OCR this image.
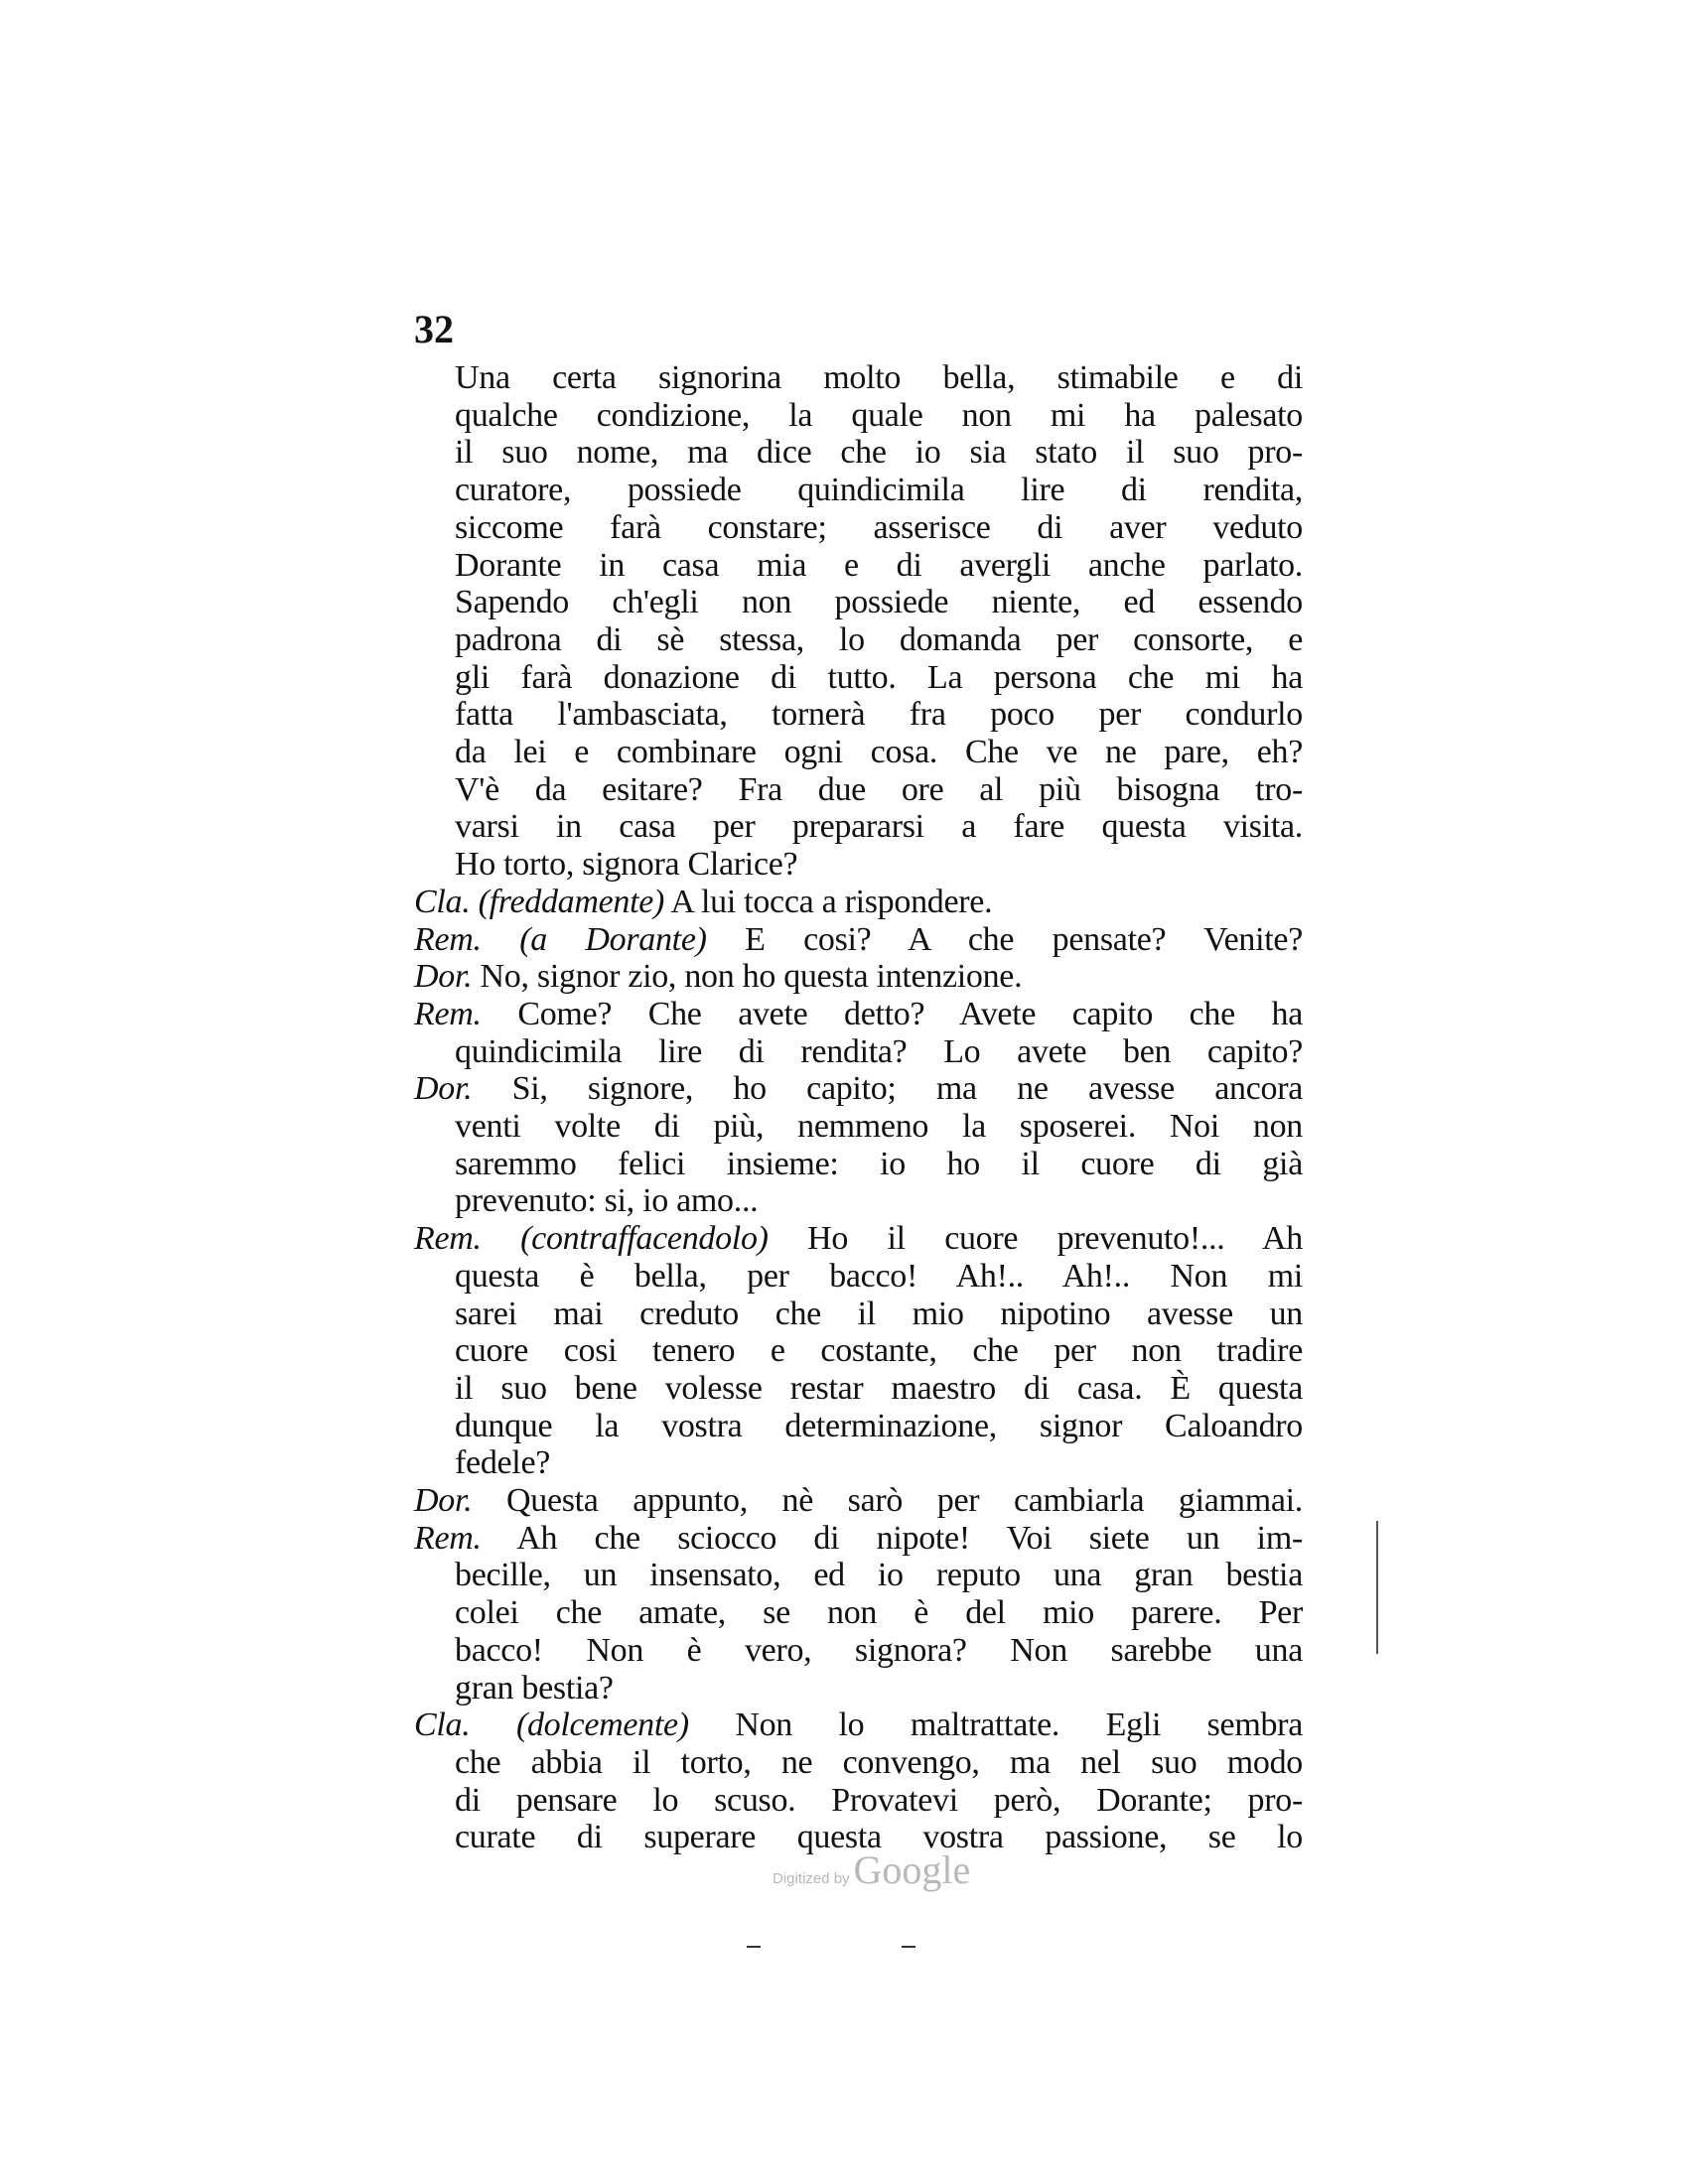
32
Una certa signorina molto bella, stimabile e di
qualche condizione, la quale non mi ha palesato
il suo nome, ma dice che io sia stato il suo pro-
curatore, possiede quindicimila lire di rendita,
siccome farà constare; asserisce di aver veduto
Dorante in casa mia e di avergli anche parlato.
Sapendo ch'egli non possiede niente, ed essendo
padrona di sè stessa, lo domanda per consorte, e
gli farà donazione di tutto. La persona che mi ha
fatta l'ambasciata, tornerà fra poco per condurlo
da lei e combinare ogni cosa. Che ve ne pare, eh?
V'è da esitare? Fra due ore al più bisogna tro-
varsi in casa per prepararsi a fare questa visita.
Ho torto, signora Clarice?
Cla. (freddamente) A lui tocca a rispondere.
Rem. (a Dorante) E cosi? A che pensate? Venite?
Dor. No, signor zio, non ho questa intenzione.
Rem. Come? Che avete detto? Avete capito che ha
quindicimila lire di rendita? Lo avete ben capito?
Dor. Si, signore, ho capito; ma ne avesse ancora
venti volte di più, nemmeno la sposerei. Noi non
saremmo felici insieme: io ho il cuore di già
prevenuto: si, io amo...
Rem. (contraffacendolo) Ho il cuore prevenuto!... Ah
questa è bella, per bacco! Ah!.. Ah!.. Non mi
sarei mai creduto che il mio nipotino avesse un
cuore cosi tenero e costante, che per non tradire
il suo bene volesse restar maestro di casa. È questa
dunque la vostra determinazione, signor Caloandro
fedele?
Dor. Questa appunto, nè sarò per cambiarla giammai.
Rem. Ah che sciocco di nipote! Voi siete un im-
becille, un insensato, ed io reputo una gran bestia
colei che amate, se non è del mio parere. Per
bacco! Non è vero, signora? Non sarebbe una
gran bestia?
Cla. (dolcemente) Non lo maltrattate. Egli sembra
che abbia il torto, ne convengo, ma nel suo modo
di pensare lo scuso. Provatevi però, Dorante; pro-
curate di superare questa vostra passione, se lo
Digitized by Google
